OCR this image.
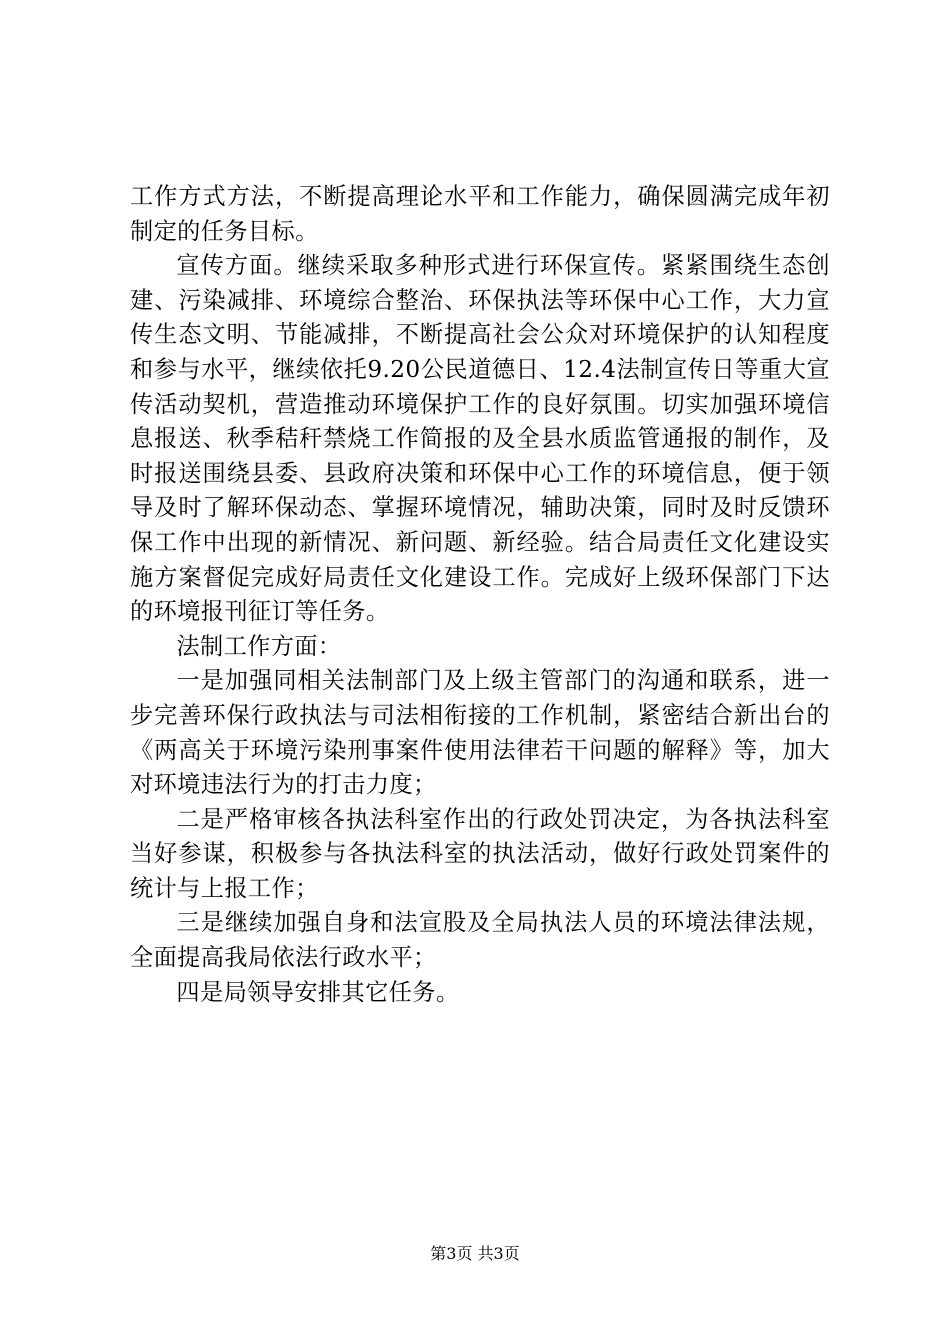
工作方式方法，不断提高理论水平和工作能力，确保圆满完成年初制定的任务目标。

宣传方面。继续采取多种形式进行环保宣传。紧紧围绕生态创建、污染减排、环境综合整治、环保执法等环保中心工作，大力宣传生态文明、节能减排，不断提高社会公众对环境保护的认知程度和参与水平，继续依托9.20公民道德日、12.4法制宣传日等重大宣传活动契机，营造推动环境保护工作的良好氛围。切实加强环境信息报送、秋季秸秆禁烧工作简报的及全县水质监管通报的制作，及时报送围绕县委、县政府决策和环保中心工作的环境信息，便于领导及时了解环保动态、掌握环境情况，辅助决策，同时及时反馈环保工作中出现的新情况、新问题、新经验。结合局责任文化建设实施方案督促完成好局责任文化建设工作。完成好上级环保部门下达的环境报刊征订等任务。

法制工作方面：

一是加强同相关法制部门及上级主管部门的沟通和联系，进一步完善环保行政执法与司法相衔接的工作机制，紧密结合新出台的《两高关于环境污染刑事案件使用法律若干问题的解释》等，加大对环境违法行为的打击力度；

二是严格审核各执法科室作出的行政处罚决定，为各执法科室当好参谋，积极参与各执法科室的执法活动，做好行政处罚案件的统计与上报工作；

三是继续加强自身和法宣股及全局执法人员的环境法律法规，全面提高我局依法行政水平；

四是局领导安排其它任务。

第3页 共3页
